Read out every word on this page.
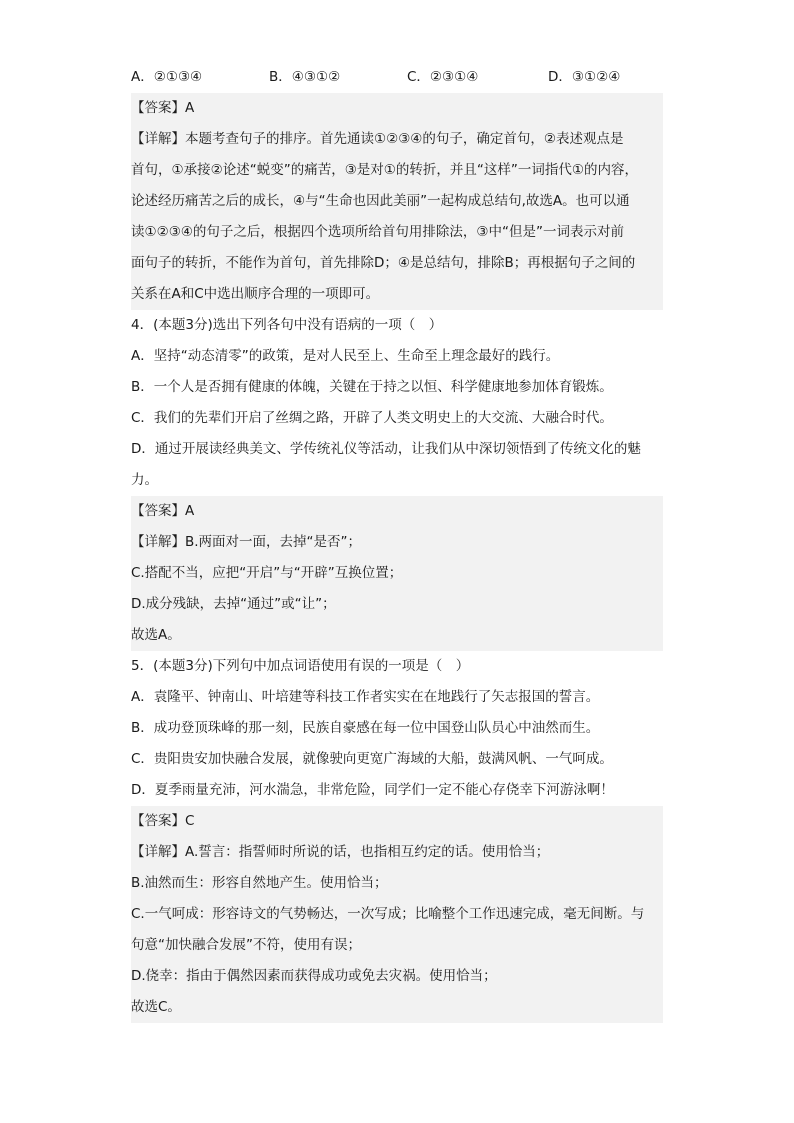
A．②①③④	B．④③①②	C．②③①④	D．③①②④
【答案】A
【详解】本题考查句子的排序。首先通读①②③④的句子，确定首句，②表述观点是
首句，①承接②论述“蜕变”的痛苦，③是对①的转折，并且“这样”一词指代①的内容，
论述经历痛苦之后的成长，④与“生命也因此美丽”一起构成总结句,故选A。也可以通
读①②③④的句子之后，根据四个选项所给首句用排除法，③中“但是”一词表示对前
面句子的转折，不能作为首句，首先排除D；④是总结句，排除B；再根据句子之间的
关系在A和C中选出顺序合理的一项即可。
4．(本题3分)选出下列各句中没有语病的一项（　）
A．坚持“动态清零”的政策，是对人民至上、生命至上理念最好的践行。
B．一个人是否拥有健康的体魄，关键在于持之以恒、科学健康地参加体育锻炼。
C．我们的先辈们开启了丝绸之路，开辟了人类文明史上的大交流、大融合时代。
D．通过开展读经典美文、学传统礼仪等活动，让我们从中深切领悟到了传统文化的魅
力。
【答案】A
【详解】B.两面对一面，去掉“是否”；
C.搭配不当，应把“开启”与“开辟”互换位置；
D.成分残缺，去掉“通过”或“让”；
故选A。
5．(本题3分)下列句中加点词语使用有误的一项是（　）
A．袁隆平、钟南山、叶培建等科技工作者实实在在地践行了矢志报国的誓言。
B．成功登顶珠峰的那一刻，民族自豪感在每一位中国登山队员心中油然而生。
C．贵阳贵安加快融合发展，就像驶向更宽广海域的大船，鼓满风帆、一气呵成。
D．夏季雨量充沛，河水湍急，非常危险，同学们一定不能心存侥幸下河游泳啊！
【答案】C
【详解】A.誓言：指誓师时所说的话，也指相互约定的话。使用恰当；
B.油然而生：形容自然地产生。使用恰当；
C.一气呵成：形容诗文的气势畅达，一次写成；比喻整个工作迅速完成，毫无间断。与
句意“加快融合发展”不符，使用有误；
D.侥幸：指由于偶然因素而获得成功或免去灾祸。使用恰当；
故选C。
